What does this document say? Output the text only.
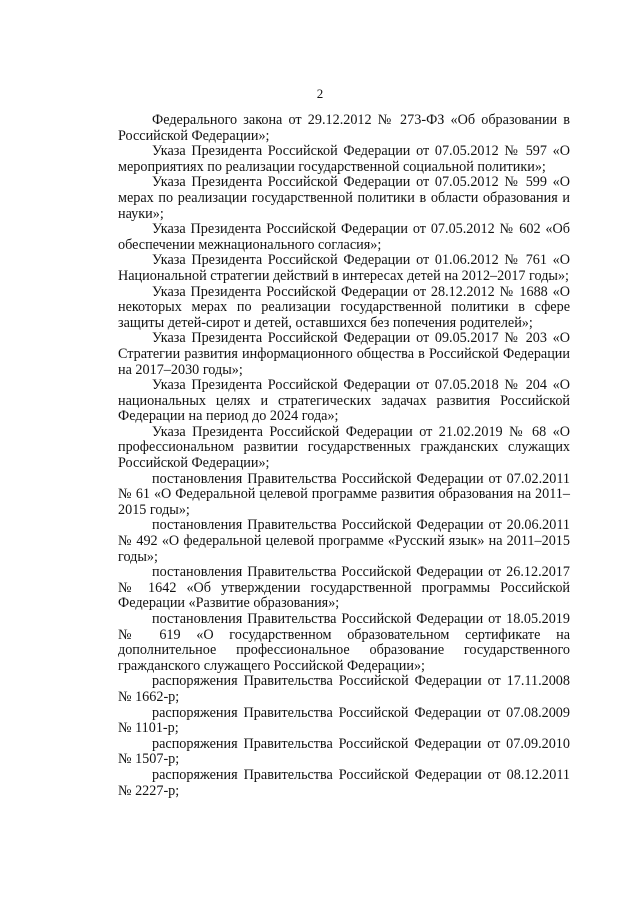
2

Федерального закона от 29.12.2012 № 273-ФЗ «Об образовании в Российской Федерации»;

Указа Президента Российской Федерации от 07.05.2012 № 597 «О мероприятиях по реализации государственной социальной политики»;

Указа Президента Российской Федерации от 07.05.2012 № 599 «О мерах по реализации государственной политики в области образования и науки»;

Указа Президента Российской Федерации от 07.05.2012 № 602 «Об обеспечении межнационального согласия»;

Указа Президента Российской Федерации от 01.06.2012 № 761 «О Национальной стратегии действий в интересах детей на 2012–2017 годы»;

Указа Президента Российской Федерации от 28.12.2012 № 1688 «О некоторых мерах по реализации государственной политики в сфере защиты детей-сирот и детей, оставшихся без попечения родителей»;

Указа Президента Российской Федерации от 09.05.2017 № 203 «О Стратегии развития информационного общества в Российской Федерации на 2017–2030 годы»;

Указа Президента Российской Федерации от 07.05.2018 № 204 «О национальных целях и стратегических задачах развития Российской Федерации на период до 2024 года»;

Указа Президента Российской Федерации от 21.02.2019 № 68 «О профессиональном развитии государственных гражданских служащих Российской Федерации»;

постановления Правительства Российской Федерации от 07.02.2011 № 61 «О Федеральной целевой программе развития образования на 2011–2015 годы»;

постановления Правительства Российской Федерации от 20.06.2011 № 492 «О федеральной целевой программе «Русский язык» на 2011–2015 годы»;

постановления Правительства Российской Федерации от 26.12.2017 № 1642 «Об утверждении государственной программы Российской Федерации «Развитие образования»;

постановления Правительства Российской Федерации от 18.05.2019 № 619 «О государственном образовательном сертификате на дополнительное профессиональное образование государственного гражданского служащего Российской Федерации»;

распоряжения Правительства Российской Федерации от 17.11.2008 № 1662-р;

распоряжения Правительства Российской Федерации от 07.08.2009 № 1101-р;

распоряжения Правительства Российской Федерации от 07.09.2010 № 1507-р;

распоряжения Правительства Российской Федерации от 08.12.2011 № 2227-р;
